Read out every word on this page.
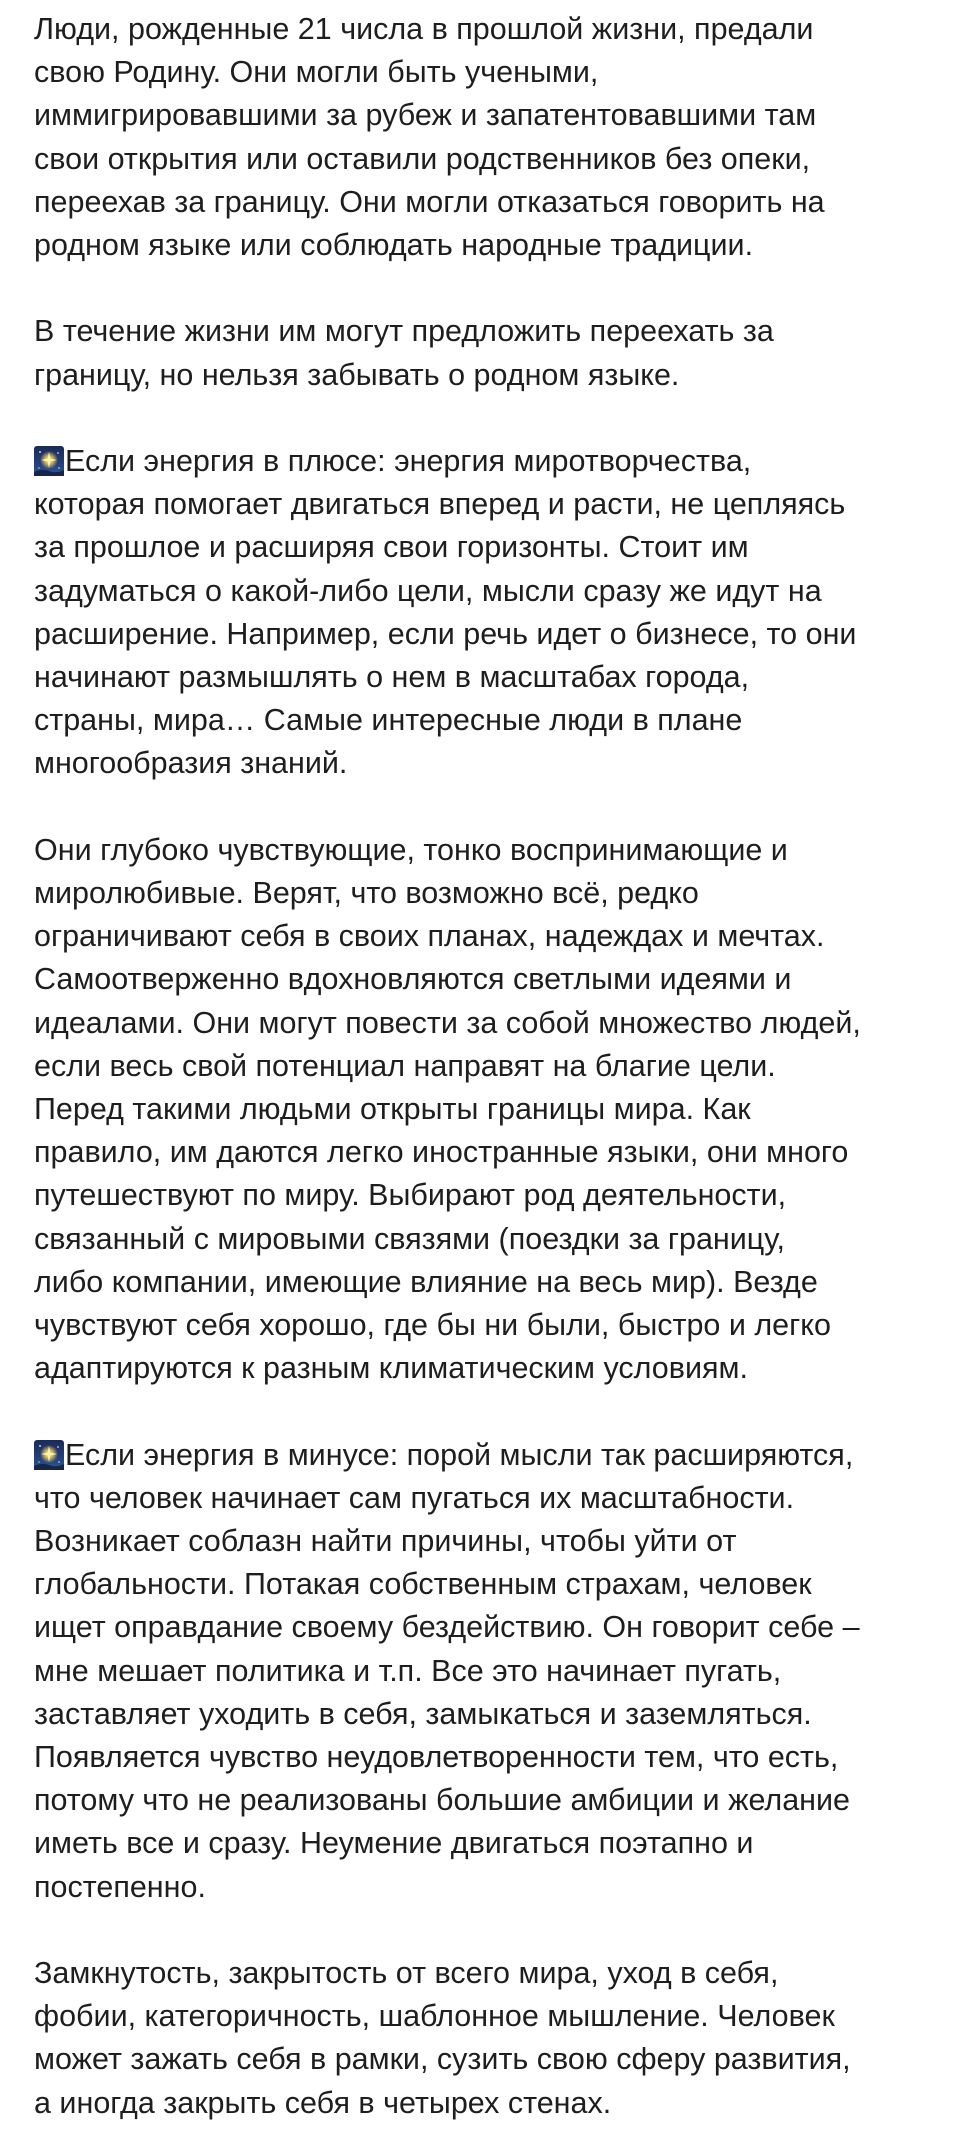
Люди, рожденные 21 числа в прошлой жизни, предали
свою Родину. Они могли быть учеными,
иммигрировавшими за рубеж и запатентовавшими там
свои открытия или оставили родственников без опеки,
переехав за границу. Они могли отказаться говорить на
родном языке или соблюдать народные традиции.
В течение жизни им могут предложить переехать за
границу, но нельзя забывать о родном языке.
Если энергия в плюсе: энергия миротворчества,
которая помогает двигаться вперед и расти, не цепляясь
за прошлое и расширяя свои горизонты. Стоит им
задуматься о какой-либо цели, мысли сразу же идут на
расширение. Например, если речь идет о бизнесе, то они
начинают размышлять о нем в масштабах города,
страны, мира… Самые интересные люди в плане
многообразия знаний.
Они глубоко чувствующие, тонко воспринимающие и
миролюбивые. Верят, что возможно всё, редко
ограничивают себя в своих планах, надеждах и мечтах.
Самоотверженно вдохновляются светлыми идеями и
идеалами. Они могут повести за собой множество людей,
если весь свой потенциал направят на благие цели.
Перед такими людьми открыты границы мира. Как
правило, им даются легко иностранные языки, они много
путешествуют по миру. Выбирают род деятельности,
связанный с мировыми связями (поездки за границу,
либо компании, имеющие влияние на весь мир). Везде
чувствуют себя хорошо, где бы ни были, быстро и легко
адаптируются к разным климатическим условиям.
Если энергия в минусе: порой мысли так расширяются,
что человек начинает сам пугаться их масштабности.
Возникает соблазн найти причины, чтобы уйти от
глобальности. Потакая собственным страхам, человек
ищет оправдание своему бездействию. Он говорит себе –
мне мешает политика и т.п. Все это начинает пугать,
заставляет уходить в себя, замыкаться и заземляться.
Появляется чувство неудовлетворенности тем, что есть,
потому что не реализованы большие амбиции и желание
иметь все и сразу. Неумение двигаться поэтапно и
постепенно.
Замкнутость, закрытость от всего мира, уход в себя,
фобии, категоричность, шаблонное мышление. Человек
может зажать себя в рамки, сузить свою сферу развития,
а иногда закрыть себя в четырех стенах.
